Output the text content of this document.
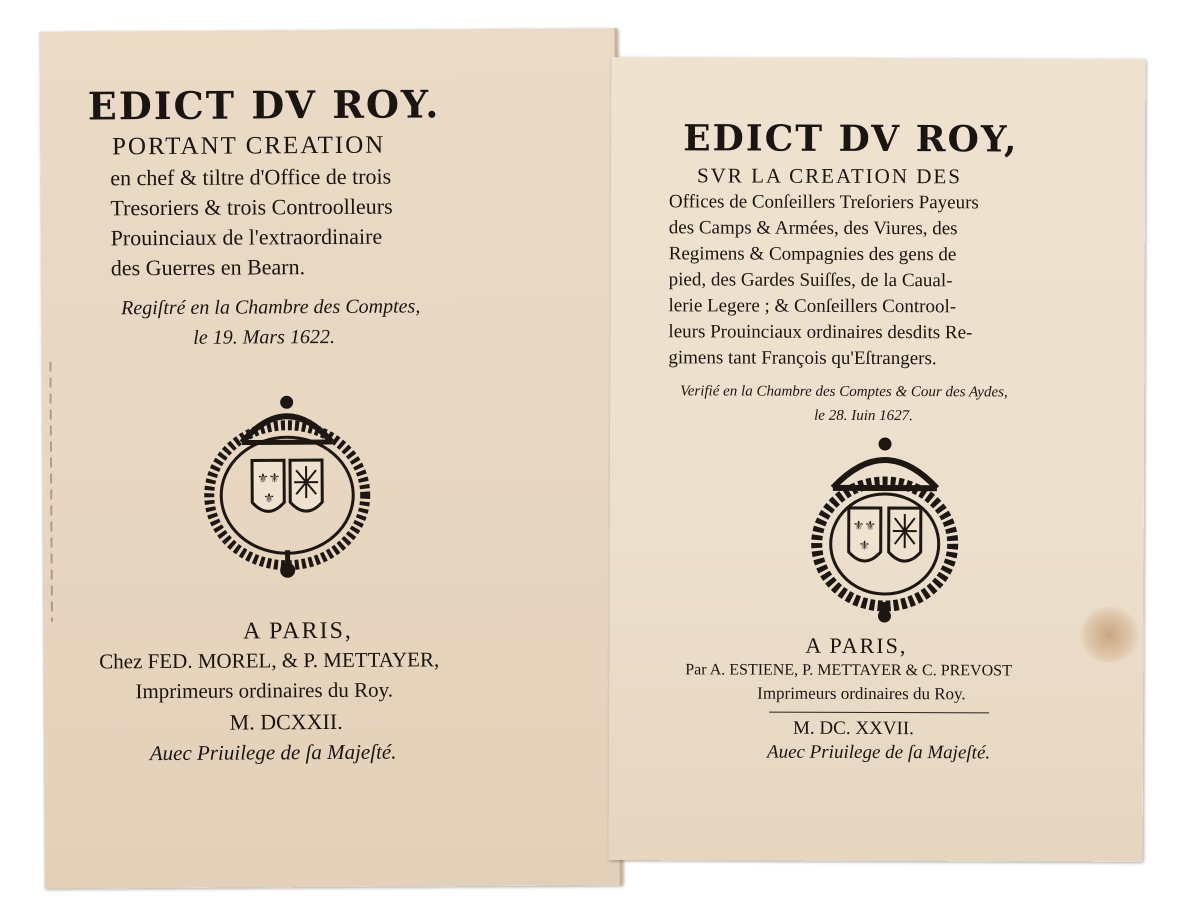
EDICT DV ROY.

PORTANT CREATION

en chef & tiltre d'Office de trois

Tresoriers & trois Controolleurs

Prouinciaux de l'extraordinaire

des Guerres en Bearn.

Regiſtré en la Chambre des Comptes,

le 19. Mars 1622.

⚜⚜
⚜

A PARIS,

Chez FED. MOREL, & P. METTAYER,

Imprimeurs ordinaires du Roy.

M. DCXXII.

Auec Priuilege de ſa Majeſté.

EDICT DV ROY,

SVR LA CREATION DES

Offices de Conſeillers Treſoriers Payeurs

des Camps & Armées, des Viures, des

Regimens & Compagnies des gens de

pied, des Gardes Suiſſes, de la Caual-

lerie Legere ; & Conſeillers Controol-

leurs Prouinciaux ordinaires desdits Re-

gimens tant François qu'Eſtrangers.

Verifié en la Chambre des Comptes & Cour des Aydes,

le 28. Iuin 1627.

⚜⚜
⚜

A PARIS,

Par A. ESTIENE, P. METTAYER & C. PREVOST

Imprimeurs ordinaires du Roy.

M. DC. XXVII.

Auec Priuilege de ſa Majeſté.
